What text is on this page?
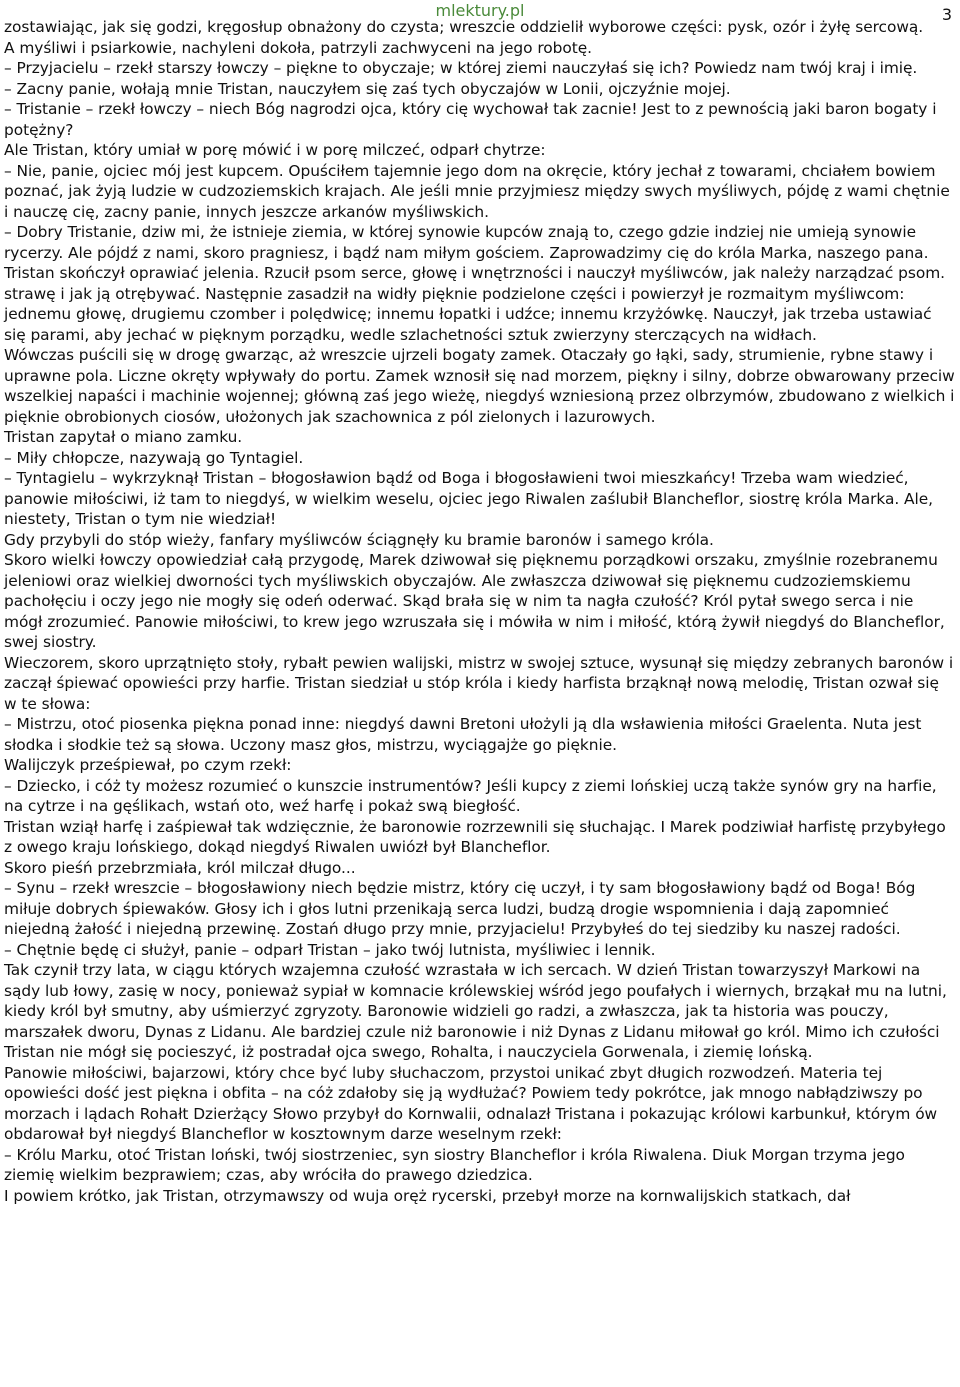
mlektury.pl	3

zostawiając, jak się godzi, kręgosłup obnażony do czysta; wreszcie oddzielił wyborowe części: pysk, ozór i żyłę sercową.

A myśliwi i psiarkowie, nachyleni dokoła, patrzyli zachwyceni na jego robotę.

– Przyjacielu – rzekł starszy łowczy – piękne to obyczaje; w której ziemi nauczyłaś się ich? Powiedz nam twój kraj i imię.

– Zacny panie, wołają mnie Tristan, nauczyłem się zaś tych obyczajów w Lonii, ojczyźnie mojej.

– Tristanie – rzekł łowczy – niech Bóg nagrodzi ojca, który cię wychował tak zacnie! Jest to z pewnością jaki baron bogaty i potężny?

Ale Tristan, który umiał w porę mówić i w porę milczeć, odparł chytrze:

– Nie, panie, ojciec mój jest kupcem. Opuściłem tajemnie jego dom na okręcie, który jechał z towarami, chciałem bowiem poznać, jak żyją ludzie w cudzoziemskich krajach. Ale jeśli mnie przyjmiesz między swych myśliwych, pójdę z wami chętnie i nauczę cię, zacny panie, innych jeszcze arkanów myśliwskich.

– Dobry Tristanie, dziw mi, że istnieje ziemia, w której synowie kupców znają to, czego gdzie indziej nie umieją synowie rycerzy. Ale pójdź z nami, skoro pragniesz, i bądź nam miłym gościem. Zaprowadzimy cię do króla Marka, naszego pana.

Tristan skończył oprawiać jelenia. Rzucił psom serce, głowę i wnętrzności i nauczył myśliwców, jak należy narządzać psom. strawę i jak ją otrębywać. Następnie zasadził na widły pięknie podzielone części i powierzył je rozmaitym myśliwcom: jednemu głowę, drugiemu czomber i polędwicę; innemu łopatki i udźce; innemu krzyżówkę. Nauczył, jak trzeba ustawiać się parami, aby jechać w pięknym porządku, wedle szlachetności sztuk zwierzyny sterczących na widłach.

Wówczas puścili się w drogę gwarząc, aż wreszcie ujrzeli bogaty zamek. Otaczały go łąki, sady, strumienie, rybne stawy i uprawne pola. Liczne okręty wpływały do portu. Zamek wznosił się nad morzem, piękny i silny, dobrze obwarowany przeciw wszelkiej napaści i machinie wojennej; główną zaś jego wieżę, niegdyś wzniesioną przez olbrzymów, zbudowano z wielkich i pięknie obrobionych ciosów, ułożonych jak szachownica z pól zielonych i lazurowych.

Tristan zapytał o miano zamku.

– Miły chłopcze, nazywają go Tyntagiel.

– Tyntagielu – wykrzyknął Tristan – błogosławion bądź od Boga i błogosławieni twoi mieszkańcy! Trzeba wam wiedzieć, panowie miłościwi, iż tam to niegdyś, w wielkim weselu, ojciec jego Riwalen zaślubił Blancheflor, siostrę króla Marka. Ale, niestety, Tristan o tym nie wiedział!

Gdy przybyli do stóp wieży, fanfary myśliwców ściągnęły ku bramie baronów i samego króla.

Skoro wielki łowczy opowiedział całą przygodę, Marek dziwował się pięknemu porządkowi orszaku, zmyślnie rozebranemu jeleniowi oraz wielkiej dworności tych myśliwskich obyczajów. Ale zwłaszcza dziwował się pięknemu cudzoziemskiemu pachołęciu i oczy jego nie mogły się odeń oderwać. Skąd brała się w nim ta nagła czułość? Król pytał swego serca i nie mógł zrozumieć. Panowie miłościwi, to krew jego wzruszała się i mówiła w nim i miłość, którą żywił niegdyś do Blancheflor, swej siostry.

Wieczorem, skoro uprzątnięto stoły, rybałt pewien walijski, mistrz w swojej sztuce, wysunął się między zebranych baronów i zaczął śpiewać opowieści przy harfie. Tristan siedział u stóp króla i kiedy harfista brząknął nową melodię, Tristan ozwał się w te słowa:

– Mistrzu, otoć piosenka piękna ponad inne: niegdyś dawni Bretoni ułożyli ją dla wsławienia miłości Graelenta. Nuta jest słodka i słodkie też są słowa. Uczony masz głos, mistrzu, wyciągajże go pięknie.

Walijczyk prześpiewał, po czym rzekł:

– Dziecko, i cóż ty możesz rozumieć o kunszcie instrumentów? Jeśli kupcy z ziemi lońskiej uczą także synów gry na harfie, na cytrze i na gęślikach, wstań oto, weź harfę i pokaż swą biegłość.

Tristan wziął harfę i zaśpiewał tak wdzięcznie, że baronowie rozrzewnili się słuchając. I Marek podziwiał harfistę przybyłego z owego kraju lońskiego, dokąd niegdyś Riwalen uwiózł był Blancheflor.

Skoro pieśń przebrzmiała, król milczał długo...

– Synu – rzekł wreszcie – błogosławiony niech będzie mistrz, który cię uczył, i ty sam błogosławiony bądź od Boga! Bóg miłuje dobrych śpiewaków. Głosy ich i głos lutni przenikają serca ludzi, budzą drogie wspomnienia i dają zapomnieć niejedną żałość i niejedną przewinę. Zostań długo przy mnie, przyjacielu! Przybyłeś do tej siedziby ku naszej radości.

– Chętnie będę ci służył, panie – odparł Tristan – jako twój lutnista, myśliwiec i lennik.

Tak czynił trzy lata, w ciągu których wzajemna czułość wzrastała w ich sercach. W dzień Tristan towarzyszył Markowi na sądy lub łowy, zasię w nocy, ponieważ sypiał w komnacie królewskiej wśród jego poufałych i wiernych, brząkał mu na lutni, kiedy król był smutny, aby uśmierzyć zgryzoty. Baronowie widzieli go radzi, a zwłaszcza, jak ta historia was pouczy, marszałek dworu, Dynas z Lidanu. Ale bardziej czule niż baronowie i niż Dynas z Lidanu miłował go król. Mimo ich czułości Tristan nie mógł się pocieszyć, iż postradał ojca swego, Rohalta, i nauczyciela Gorwenala, i ziemię lońską.

Panowie miłościwi, bajarzowi, który chce być luby słuchaczom, przystoi unikać zbyt długich rozwodzeń. Materia tej opowieści dość jest piękna i obfita – na cóż zdałoby się ją wydłużać? Powiem tedy pokrótce, jak mnogo nabłądziwszy po morzach i lądach Rohałt Dzierżący Słowo przybył do Kornwalii, odnalazł Tristana i pokazując królowi karbunkuł, którym ów obdarował był niegdyś Blancheflor w kosztownym darze weselnym rzekł:

– Królu Marku, otoć Tristan loński, twój siostrzeniec, syn siostry Blancheflor i króla Riwalena. Diuk Morgan trzyma jego ziemię wielkim bezprawiem; czas, aby wróciła do prawego dziedzica.

I powiem krótko, jak Tristan, otrzymawszy od wuja oręż rycerski, przebył morze na kornwalijskich statkach, dał
